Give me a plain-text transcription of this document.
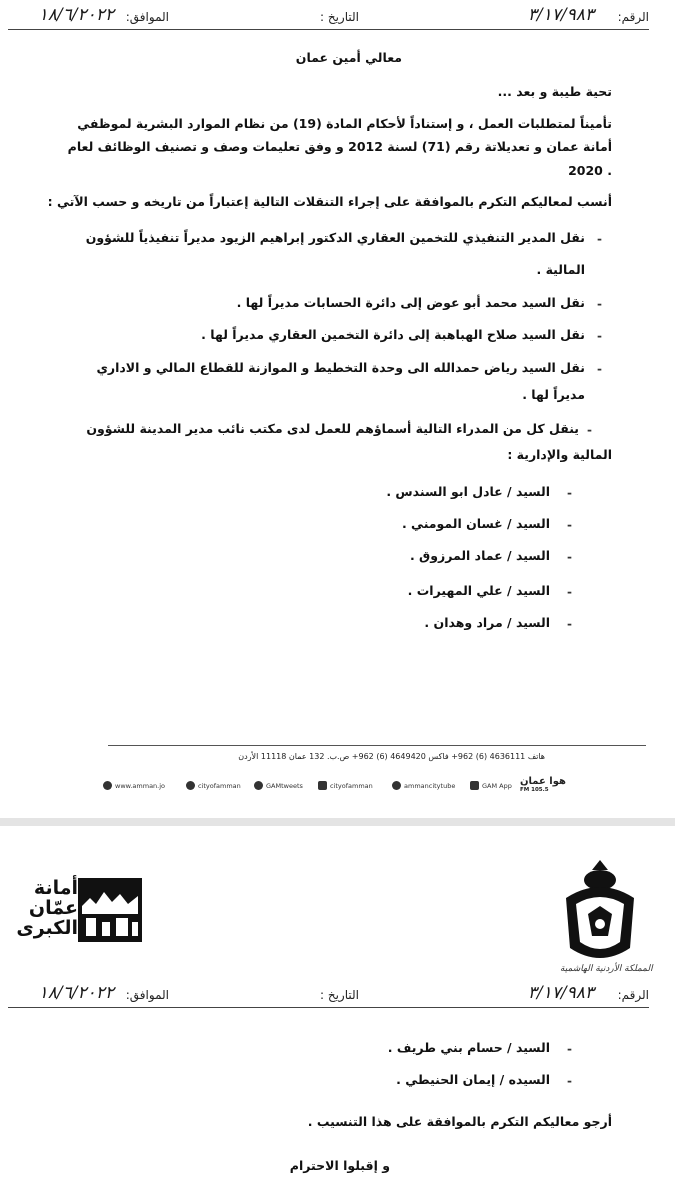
الرقم:
٣/١٧/٩٨٣
التاريخ :
الموافق:
١٨/٦/٢٠٢٢
معالي أمين عمان
تحية طيبة و بعد ...
تأميناً لمتطلبات العمل ، و إستناداً لأحكام المادة (19) من نظام الموارد البشرية لموظفي
أمانة عمان و تعديلاتة رقم (71) لسنة 2012 و وفق تعليمات وصف و تصنيف الوظائف لعام
. 2020
أنسب لمعاليكم التكرم بالموافقة على إجراء التنقلات التالية إعتباراً من تاريخه و حسب الآتي :
-
نقل المدير التنفيذي للتخمين العقاري الدكتور إبراهيم الزيود مديراً تنفيذياً للشؤون
المالية .
-
نقل السيد محمد أبو عوض إلى دائرة الحسابات مديراً لها .
-
نقل السيد صلاح الهباهبة إلى دائرة التخمين العقاري مديراً لها .
-
نقل السيد رياض حمدالله الى وحدة التخطيط و الموازنة للقطاع المالي و الاداري
مديراً لها .
-
ينقل كل من المدراء التالية أسماؤهم للعمل لدى مكتب نائب مدير المدينة للشؤون
المالية والإدارية :
-
السيد / عادل ابو السندس .
-
السيد / غسان المومني .
-
السيد / عماد المرزوق .
-
السيد / علي المهيرات .
-
السيد / مراد وهدان .
هاتف 4636111 (6) 962+ فاكس 4649420 (6) 962+ ص.ب. 132 عمان 11118 الأردن
www.amman.jo	cityofamman	GAMtweets	cityofamman	ammancitytube	GAM App هوا عمان
105.5 FM
أمانة
عمّان
الكبرى
المملكة الأردنية الهاشمية
الرقم:
٣/١٧/٩٨٣
التاريخ :
الموافق:
١٨/٦/٢٠٢٢
-
السيد / حسام بني طريف .
-
السيده / إيمان الحنيطي .
أرجو معاليكم التكرم بالموافقة على هذا التنسيب .
و إقبلوا الاحترام
